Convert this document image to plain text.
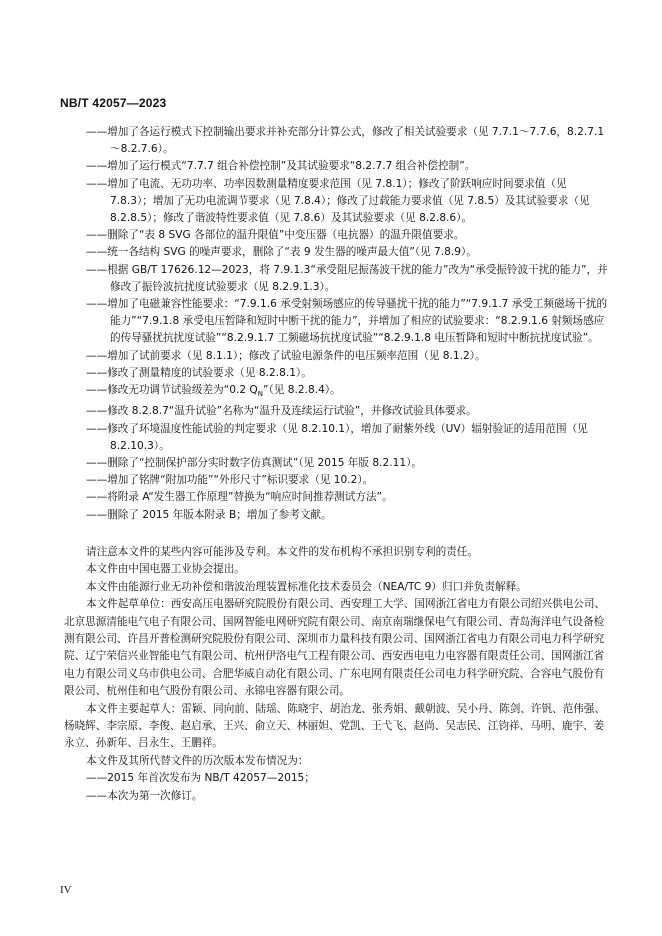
NB/T 42057—2023

——增加了各运行模式下控制输出要求并补充部分计算公式，修改了相关试验要求（见 7.7.1～7.7.6，8.2.7.1～8.2.7.6）。

——增加了运行模式“7.7.7 组合补偿控制”及其试验要求“8.2.7.7 组合补偿控制”。

——增加了电流、无功功率、功率因数测量精度要求范围（见 7.8.1）；修改了阶跃响应时间要求值（见 7.8.3）；增加了无功电流调节要求（见 7.8.4）；修改了过载能力要求值（见 7.8.5）及其试验要求（见 8.2.8.5）；修改了谐波特性要求值（见 7.8.6）及其试验要求（见 8.2.8.6）。

——删除了“表 8 SVG 各部位的温升限值”中变压器（电抗器）的温升限值要求。

——统一各结构 SVG 的噪声要求，删除了“表 9 发生器的噪声最大值”（见 7.8.9）。

——根据 GB/T 17626.12—2023，将 7.9.1.3“承受阻尼振荡波干扰的能力”改为“承受振铃波干扰的能力”，并修改了振铃波抗扰度试验要求（见 8.2.9.1.3）。

——增加了电磁兼容性能要求：“7.9.1.6 承受射频场感应的传导骚扰干扰的能力”“7.9.1.7 承受工频磁场干扰的能力”“7.9.1.8 承受电压暂降和短时中断干扰的能力”，并增加了相应的试验要求：“8.2.9.1.6 射频场感应的传导骚扰抗扰度试验”“8.2.9.1.7 工频磁场抗扰度试验”“8.2.9.1.8 电压暂降和短时中断抗扰度试验”。

——增加了试前要求（见 8.1.1）；修改了试验电源条件的电压频率范围（见 8.1.2）。

——修改了测量精度的试验要求（见 8.2.8.1）。

——修改无功调节试验级差为“0.2 $Q_N$”（见 8.2.8.4）。

——修改 8.2.8.7“温升试验”名称为“温升及连续运行试验”，并修改试验具体要求。

——修改了环境温度性能试验的判定要求（见 8.2.10.1），增加了耐紫外线（UV）辐射验证的适用范围（见 8.2.10.3）。

——删除了“控制保护部分实时数字仿真测试”（见 2015 年版 8.2.11）。

——增加了铭牌“附加功能”“外形尺寸”标识要求（见 10.2）。

——将附录 A“发生器工作原理”替换为“响应时间推荐测试方法”。

——删除了 2015 年版本附录 B；增加了参考文献。

请注意本文件的某些内容可能涉及专利。本文件的发布机构不承担识别专利的责任。

本文件由中国电器工业协会提出。

本文件由能源行业无功补偿和谐波治理装置标准化技术委员会（NEA/TC 9）归口并负责解释。

本文件起草单位：西安高压电器研究院股份有限公司、西安理工大学、国网浙江省电力有限公司绍兴供电公司、北京思源清能电气电子有限公司、国网智能电网研究院有限公司、南京南瑞继保电气有限公司、青岛海洋电气设备检测有限公司、许昌开普检测研究院股份有限公司、深圳市力量科技有限公司、国网浙江省电力有限公司电力科学研究院、辽宁荣信兴业智能电气有限公司、杭州伊洛电气工程有限公司、西安西电电力电容器有限责任公司、国网浙江省电力有限公司义乌市供电公司、合肥华威自动化有限公司、广东电网有限责任公司电力科学研究院、合容电气股份有限公司、杭州佳和电气股份有限公司、永锦电容器有限公司。

本文件主要起草人：雷颖、同向前、陆瑶、陈晓宇、胡治龙、张秀娟、戴朝波、吴小丹、陈剑、许钒、范伟强、杨晓辉、李宗原、李俊、赵启承、王兴、俞立天、林丽妲、党凯、王弋飞、赵尚、吴志民、江钧祥、马明、鹿宇、姜永立、孙新年、吕永生、王鹏祥。

本文件及其所代替文件的历次版本发布情况为：

——2015 年首次发布为 NB/T 42057—2015；

——本次为第一次修订。

IV
